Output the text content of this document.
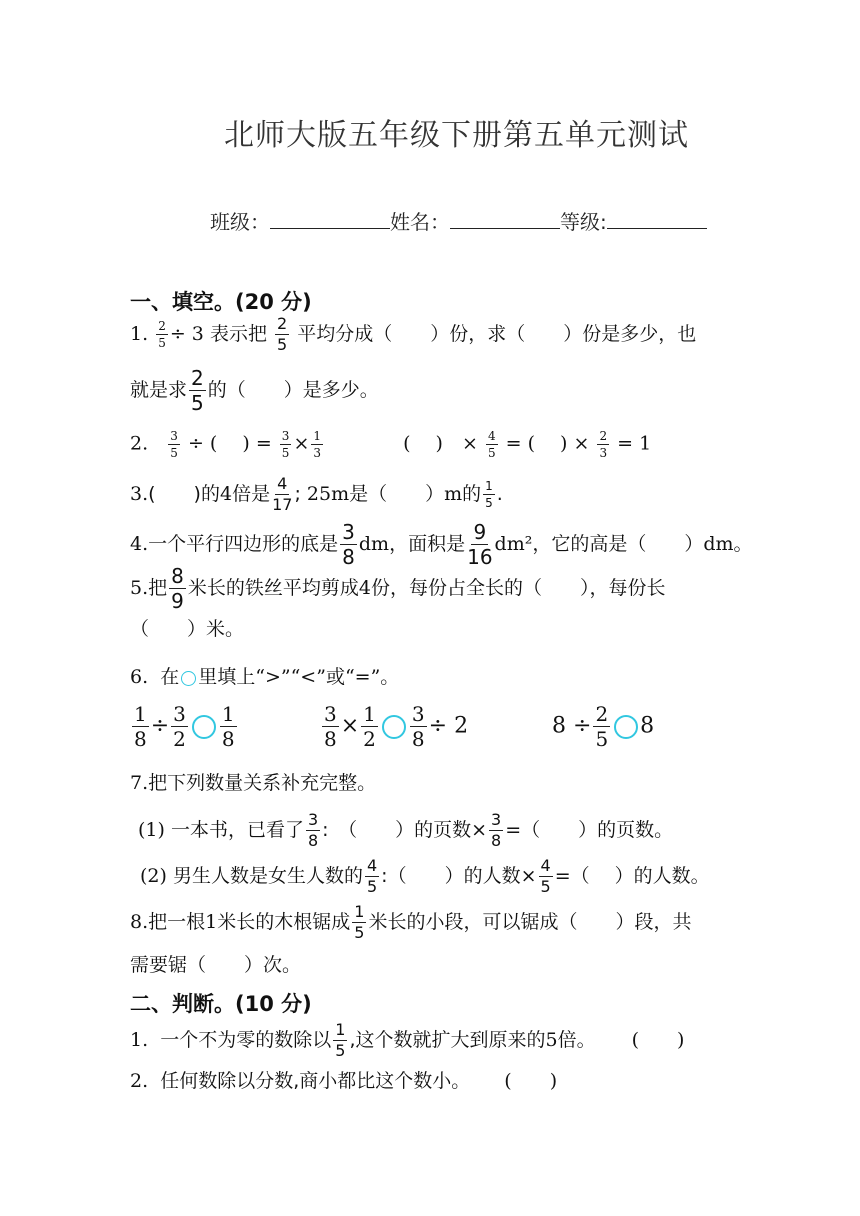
北师大版五年级下册第五单元测试
班级：	姓名：	等级:
一、填空。(20 分)
1. $\frac{2}{5} \div 3$ 表示把 $\frac{2}{5}$ 平均分成（　　）份，求（　　）份是多少，也
就是求 $\frac{2}{5}$ 的（　　）是多少。
2. $\frac{3}{5}$ ÷ (　 ) = $\frac{3}{5} \times \frac{1}{3}$	(　 )　× $\frac{4}{5}$ = (　 ) × $\frac{2}{3} = 1$
3.(　　)的4倍是 $\frac{4}{17}$ ; 25m是（　　）m的 $\frac{1}{5}$ .
4.一个平行四边形的底是 $\frac{3}{8}$ dm，面积是 $\frac{9}{16} dm^2$，它的高是（　　）dm。
5.把 $\frac{8}{9}$ 米长的铁丝平均剪成4份，每份占全长的（　　），每份长
（　　）米。
6. 在 里填上“>”“<”或“=”。
$\frac{1}{8} \div \frac{3}{2} \frac{1}{8}$	$\frac{3}{8} \times \frac{1}{2} \frac{3}{8} \div 2$	$8 \div \frac{2}{5} 8$
7.把下列数量关系补充完整。
(1) 一本书，已看了 $\frac{3}{8}$ :　（　　）的页数× $\frac{3}{8}$ =（　　）的页数。
(2) 男生人数是女生人数的 $\frac{4}{5}$ :（　　）的人数× $\frac{4}{5}$ =（　 ）的人数。
8.把一根1米长的木根锯成 $\frac{1}{5}$ 米长的小段，可以锯成（　　）段，共
需要锯（　　）次。
二、判断。(10 分)
1. 一个不为零的数除以 $\frac{1}{5}$ ,这个数就扩大到原来的5倍。 (　　)
2. 任何数除以分数,商小都比这个数小。 (　　)
